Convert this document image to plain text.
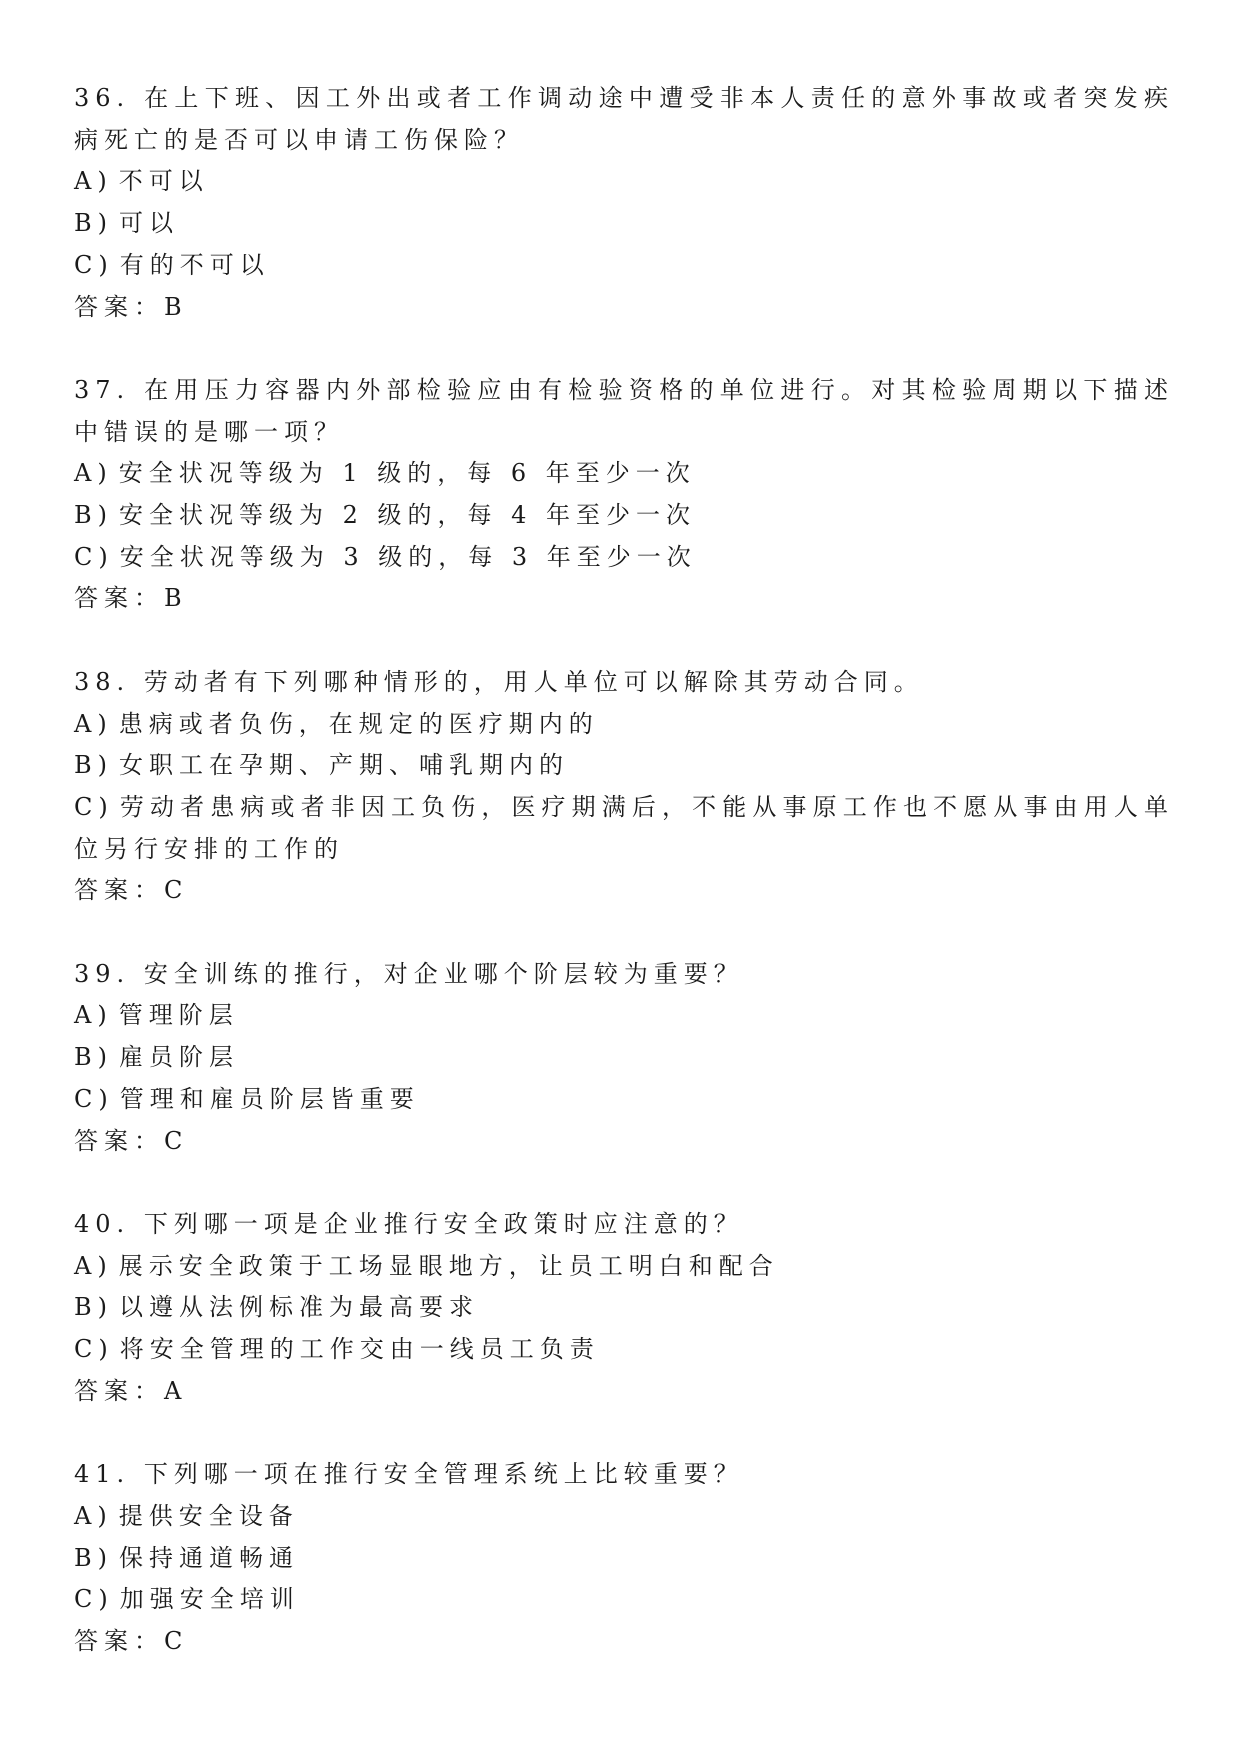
36. 在上下班、因工外出或者工作调动途中遭受非本人责任的意外事故或者突发疾病死亡的是否可以申请工伤保险？

A) 不可以

B) 可以

C) 有的不可以

答案：B

37. 在用压力容器内外部检验应由有检验资格的单位进行。对其检验周期以下描述中错误的是哪一项？

A) 安全状况等级为 1 级的，每 6 年至少一次

B) 安全状况等级为 2 级的，每 4 年至少一次

C) 安全状况等级为 3 级的，每 3 年至少一次

答案：B

38. 劳动者有下列哪种情形的，用人单位可以解除其劳动合同。

A) 患病或者负伤，在规定的医疗期内的

B) 女职工在孕期、产期、哺乳期内的

C) 劳动者患病或者非因工负伤，医疗期满后，不能从事原工作也不愿从事由用人单位另行安排的工作的

答案：C

39. 安全训练的推行，对企业哪个阶层较为重要？

A) 管理阶层

B) 雇员阶层

C) 管理和雇员阶层皆重要

答案：C

40. 下列哪一项是企业推行安全政策时应注意的？

A) 展示安全政策于工场显眼地方，让员工明白和配合

B) 以遵从法例标准为最高要求

C) 将安全管理的工作交由一线员工负责

答案：A

41. 下列哪一项在推行安全管理系统上比较重要？

A) 提供安全设备

B) 保持通道畅通

C) 加强安全培训

答案：C
